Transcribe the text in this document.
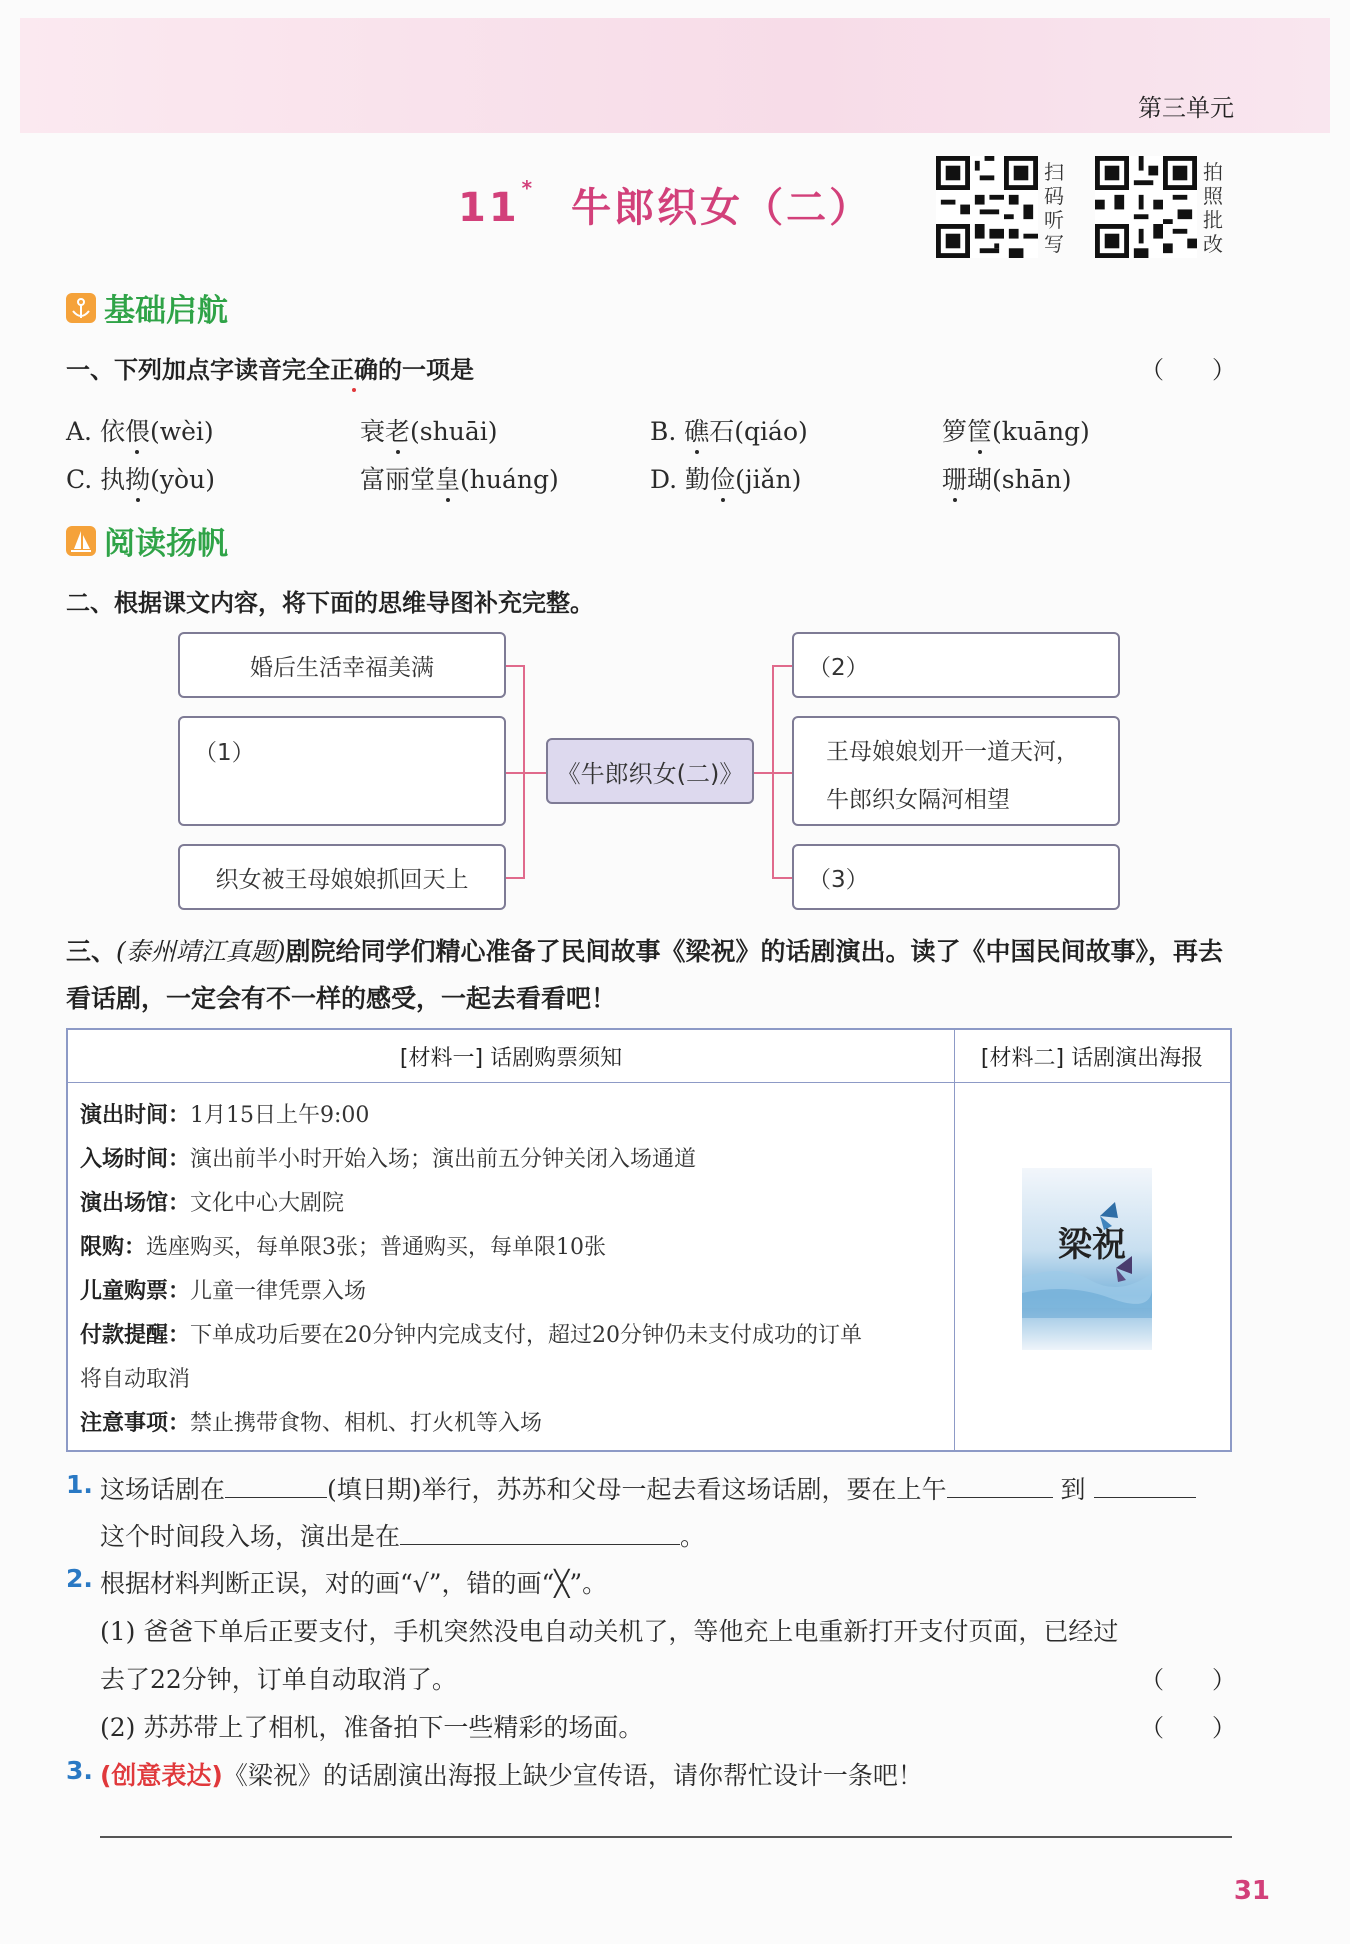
第三单元
11 * 牛郎织女（二）
扫码听写
拍照批改
基础启航
一、下列加点字读音完全正确的一项是	（　　）
A. 依偎(wèi)	衰老(shuāi)	B. 礁石(qiáo)	箩筐(kuāng)
C. 执拗(yòu)	富丽堂皇(huáng)	D. 勤俭(jiǎn)	珊瑚(shān)
阅读扬帆
二、根据课文内容，将下面的思维导图补充完整。
婚后生活幸福美满
（1）
织女被王母娘娘抓回天上
《牛郎织女(二)》
（2）
王母娘娘划开一道天河，
牛郎织女隔河相望
（3）
三、(泰州靖江真题)剧院给同学们精心准备了民间故事《梁祝》的话剧演出。读了《中国民间故事》，再去看话剧，一定会有不一样的感受，一起去看看吧！
[材料一] 话剧购票须知	[材料二] 话剧演出海报
演出时间：1月15日上午9:00
入场时间：演出前半小时开始入场；演出前五分钟关闭入场通道
演出场馆：文化中心大剧院
限购：选座购买，每单限3张；普通购买，每单限10张
儿童购票：儿童一律凭票入场
付款提醒：下单成功后要在20分钟内完成支付，超过20分钟仍未支付成功的订单
将自动取消
注意事项：禁止携带食物、相机、打火机等入场
梁祝
1. 这场话剧在	(填日期)举行，苏苏和父母一起去看这场话剧，要在上午	到
这个时间段入场，演出是在	。
2. 根据材料判断正误，对的画“√”，错的画“╳”。
(1) 爸爸下单后正要支付，手机突然没电自动关机了，等他充上电重新打开支付页面，已经过
去了22分钟，订单自动取消了。	（　　）
(2) 苏苏带上了相机，准备拍下一些精彩的场面。	（　　）
3. (创意表达)《梁祝》的话剧演出海报上缺少宣传语，请你帮忙设计一条吧！
31
